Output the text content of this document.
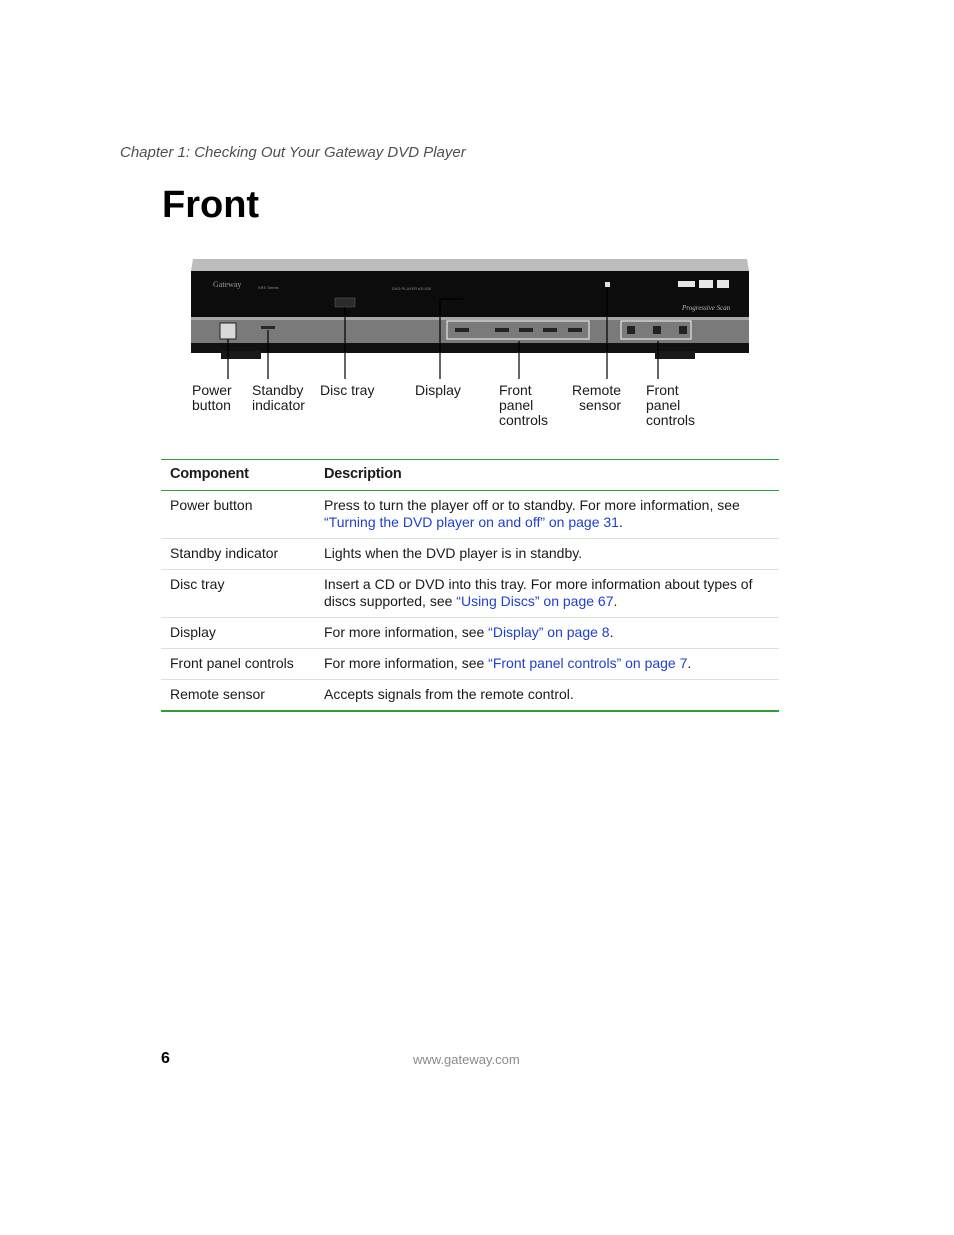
Chapter 1: Checking Out Your Gateway DVD Player
Front
Gateway	KRS Series	DVD PLAYER AD 630
Progressive Scan
Power
button
Standby
indicator
Disc tray	Display	Front
panel
controls
Remote
sensor
Front
panel
controls
Component	Description
Power button	Press to turn the player off or to standby. For more information, see “Turning the DVD player on and off” on page 31.
Standby indicator	Lights when the DVD player is in standby.
Disc tray	Insert a CD or DVD into this tray. For more information about types of discs supported, see “Using Discs” on page 67.
Display	For more information, see “Display” on page 8.
Front panel controls	For more information, see “Front panel controls” on page 7.
Remote sensor	Accepts signals from the remote control.
6	www.gateway.com
